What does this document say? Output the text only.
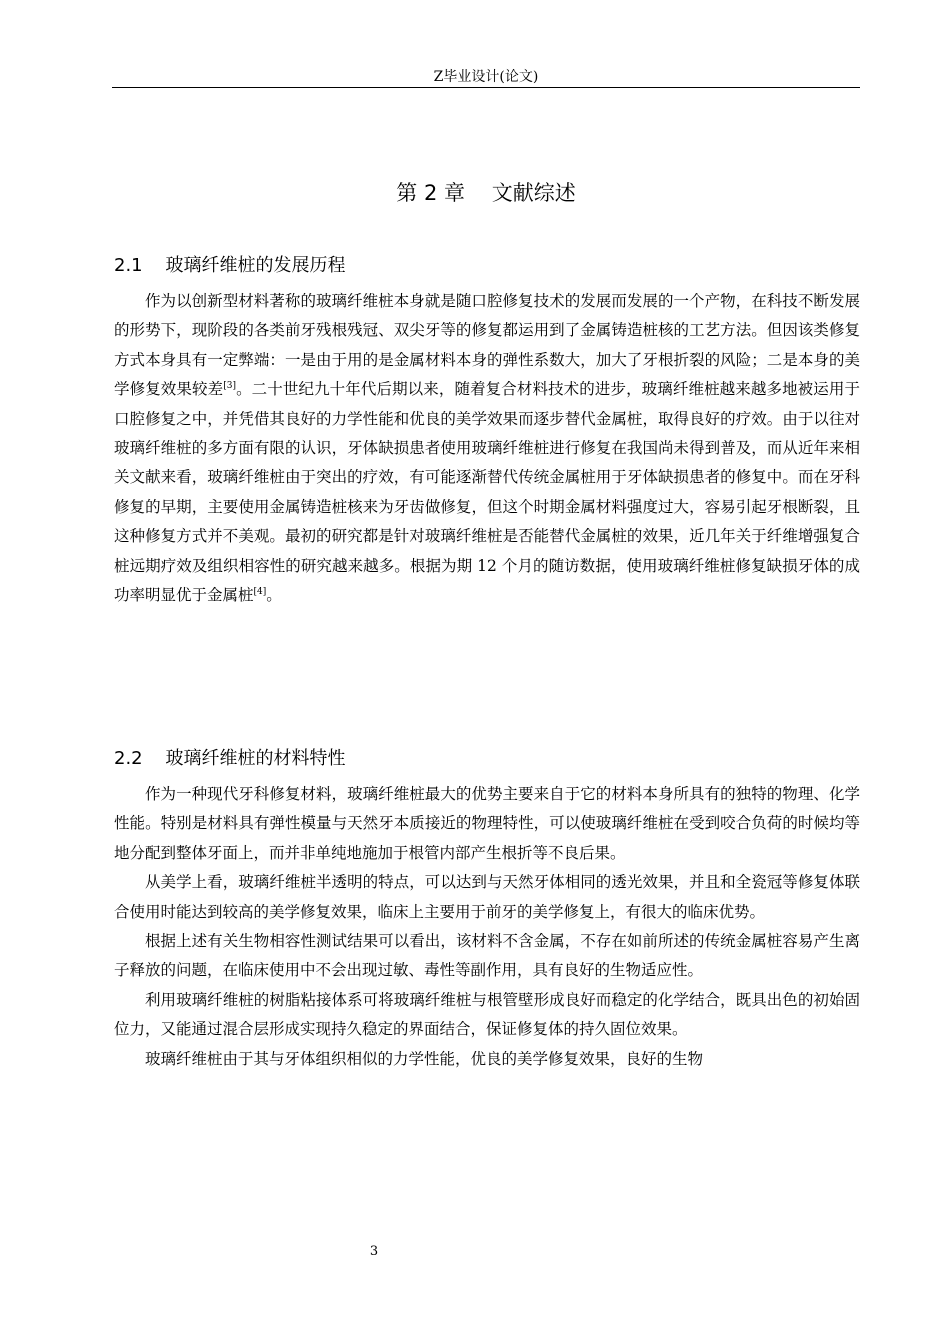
Z毕业设计(论文)
第 2 章    文献综述
2.1    玻璃纤维桩的发展历程

作为以创新型材料著称的玻璃纤维桩本身就是随口腔修复技术的发展而发展的一个产物，在科技不断发展的形势下，现阶段的各类前牙残根残冠、双尖牙等的修复都运用到了金属铸造桩核的工艺方法。但因该类修复方式本身具有一定弊端：一是由于用的是金属材料本身的弹性系数大，加大了牙根折裂的风险；二是本身的美学修复效果较差[3]。二十世纪九十年代后期以来，随着复合材料技术的进步，玻璃纤维桩越来越多地被运用于口腔修复之中，并凭借其良好的力学性能和优良的美学效果而逐步替代金属桩，取得良好的疗效。由于以往对玻璃纤维桩的多方面有限的认识，牙体缺损患者使用玻璃纤维桩进行修复在我国尚未得到普及，而从近年来相关文献来看，玻璃纤维桩由于突出的疗效，有可能逐渐替代传统金属桩用于牙体缺损患者的修复中。而在牙科修复的早期，主要使用金属铸造桩核来为牙齿做修复，但这个时期金属材料强度过大，容易引起牙根断裂，且这种修复方式并不美观。最初的研究都是针对玻璃纤维桩是否能替代金属桩的效果，近几年关于纤维增强复合桩远期疗效及组织相容性的研究越来越多。根据为期 12 个月的随访数据，使用玻璃纤维桩修复缺损牙体的成功率明显优于金属桩[4]。

2.2    玻璃纤维桩的材料特性

作为一种现代牙科修复材料，玻璃纤维桩最大的优势主要来自于它的材料本身所具有的独特的物理、化学性能。特别是材料具有弹性模量与天然牙本质接近的物理特性，可以使玻璃纤维桩在受到咬合负荷的时候均等地分配到整体牙面上，而并非单纯地施加于根管内部产生根折等不良后果。

从美学上看，玻璃纤维桩半透明的特点，可以达到与天然牙体相同的透光效果，并且和全瓷冠等修复体联合使用时能达到较高的美学修复效果，临床上主要用于前牙的美学修复上，有很大的临床优势。

根据上述有关生物相容性测试结果可以看出，该材料不含金属，不存在如前所述的传统金属桩容易产生离子释放的问题，在临床使用中不会出现过敏、毒性等副作用，具有良好的生物适应性。

利用玻璃纤维桩的树脂粘接体系可将玻璃纤维桩与根管壁形成良好而稳定的化学结合，既具出色的初始固位力，又能通过混合层形成实现持久稳定的界面结合，保证修复体的持久固位效果。

玻璃纤维桩由于其与牙体组织相似的力学性能，优良的美学修复效果，良好的生物

3
